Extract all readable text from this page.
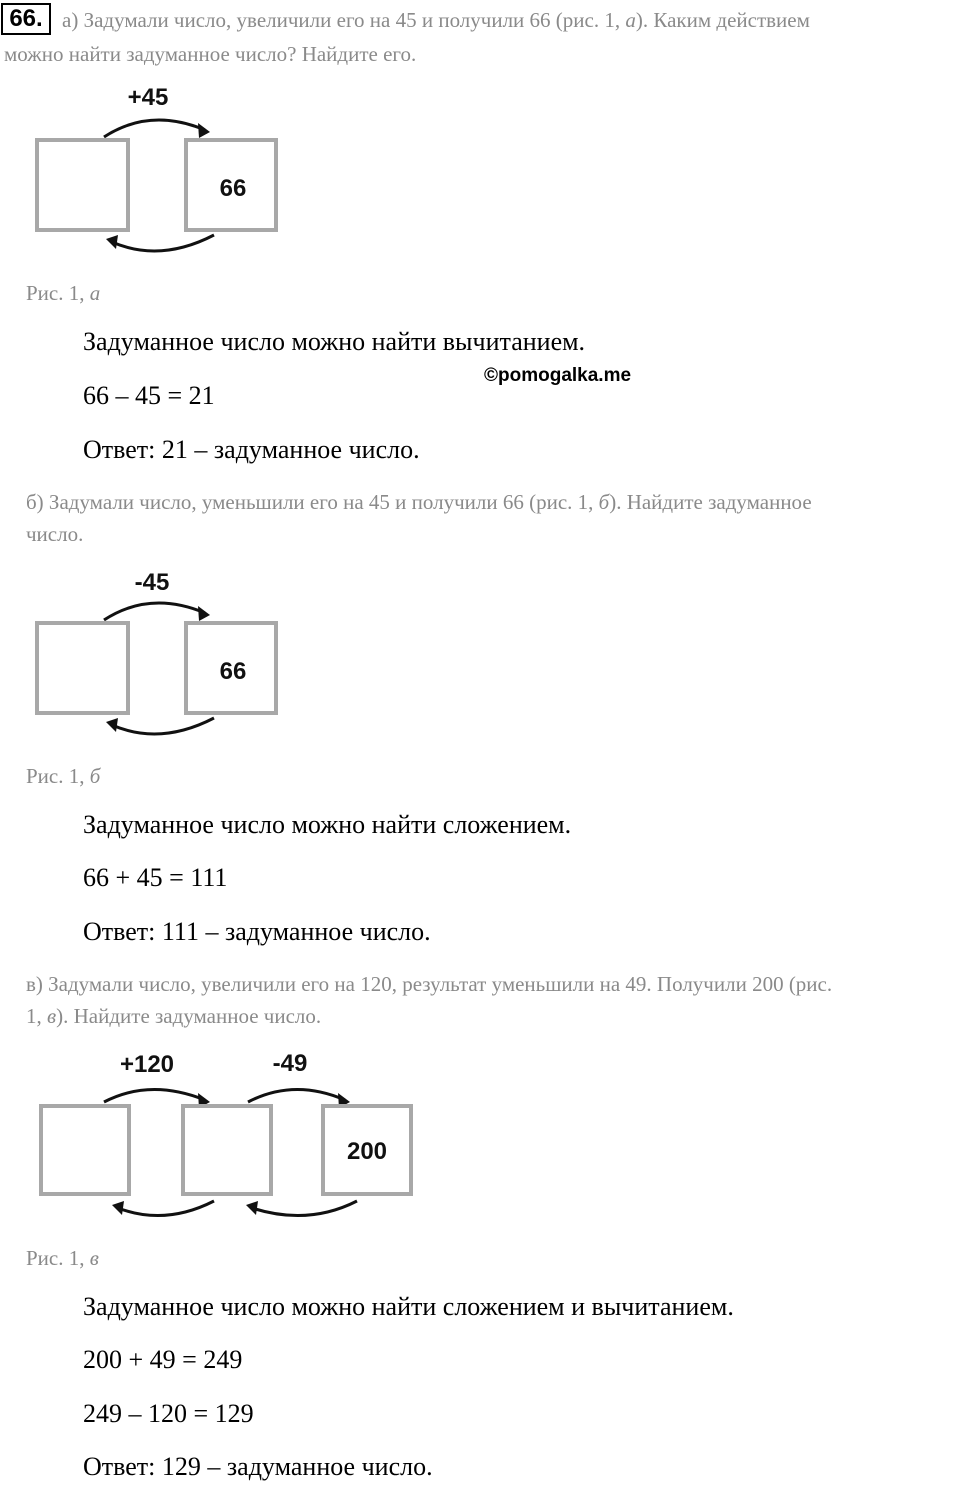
66. а) Задумали число, увеличили его на 45 и получили 66 (рис. 1, а). Каким действием
можно найти задуманное число? Найдите его.
+45
66
Рис. 1, а
Задуманное число можно найти вычитанием.
©pomogalka.me
66 – 45 = 21
Ответ: 21 – задуманное число.
б) Задумали число, уменьшили его на 45 и получили 66 (рис. 1, б). Найдите задуманное
число.
-45
66
Рис. 1, б
Задуманное число можно найти сложением.
66 + 45 = 111
Ответ: 111 – задуманное число.
в) Задумали число, увеличили его на 120, результат уменьшили на 49. Получили 200 (рис.
1, в). Найдите задуманное число.
+120	-49
200
Рис. 1, в
Задуманное число можно найти сложением и вычитанием.
200 + 49 = 249
249 – 120 = 129
Ответ: 129 – задуманное число.
